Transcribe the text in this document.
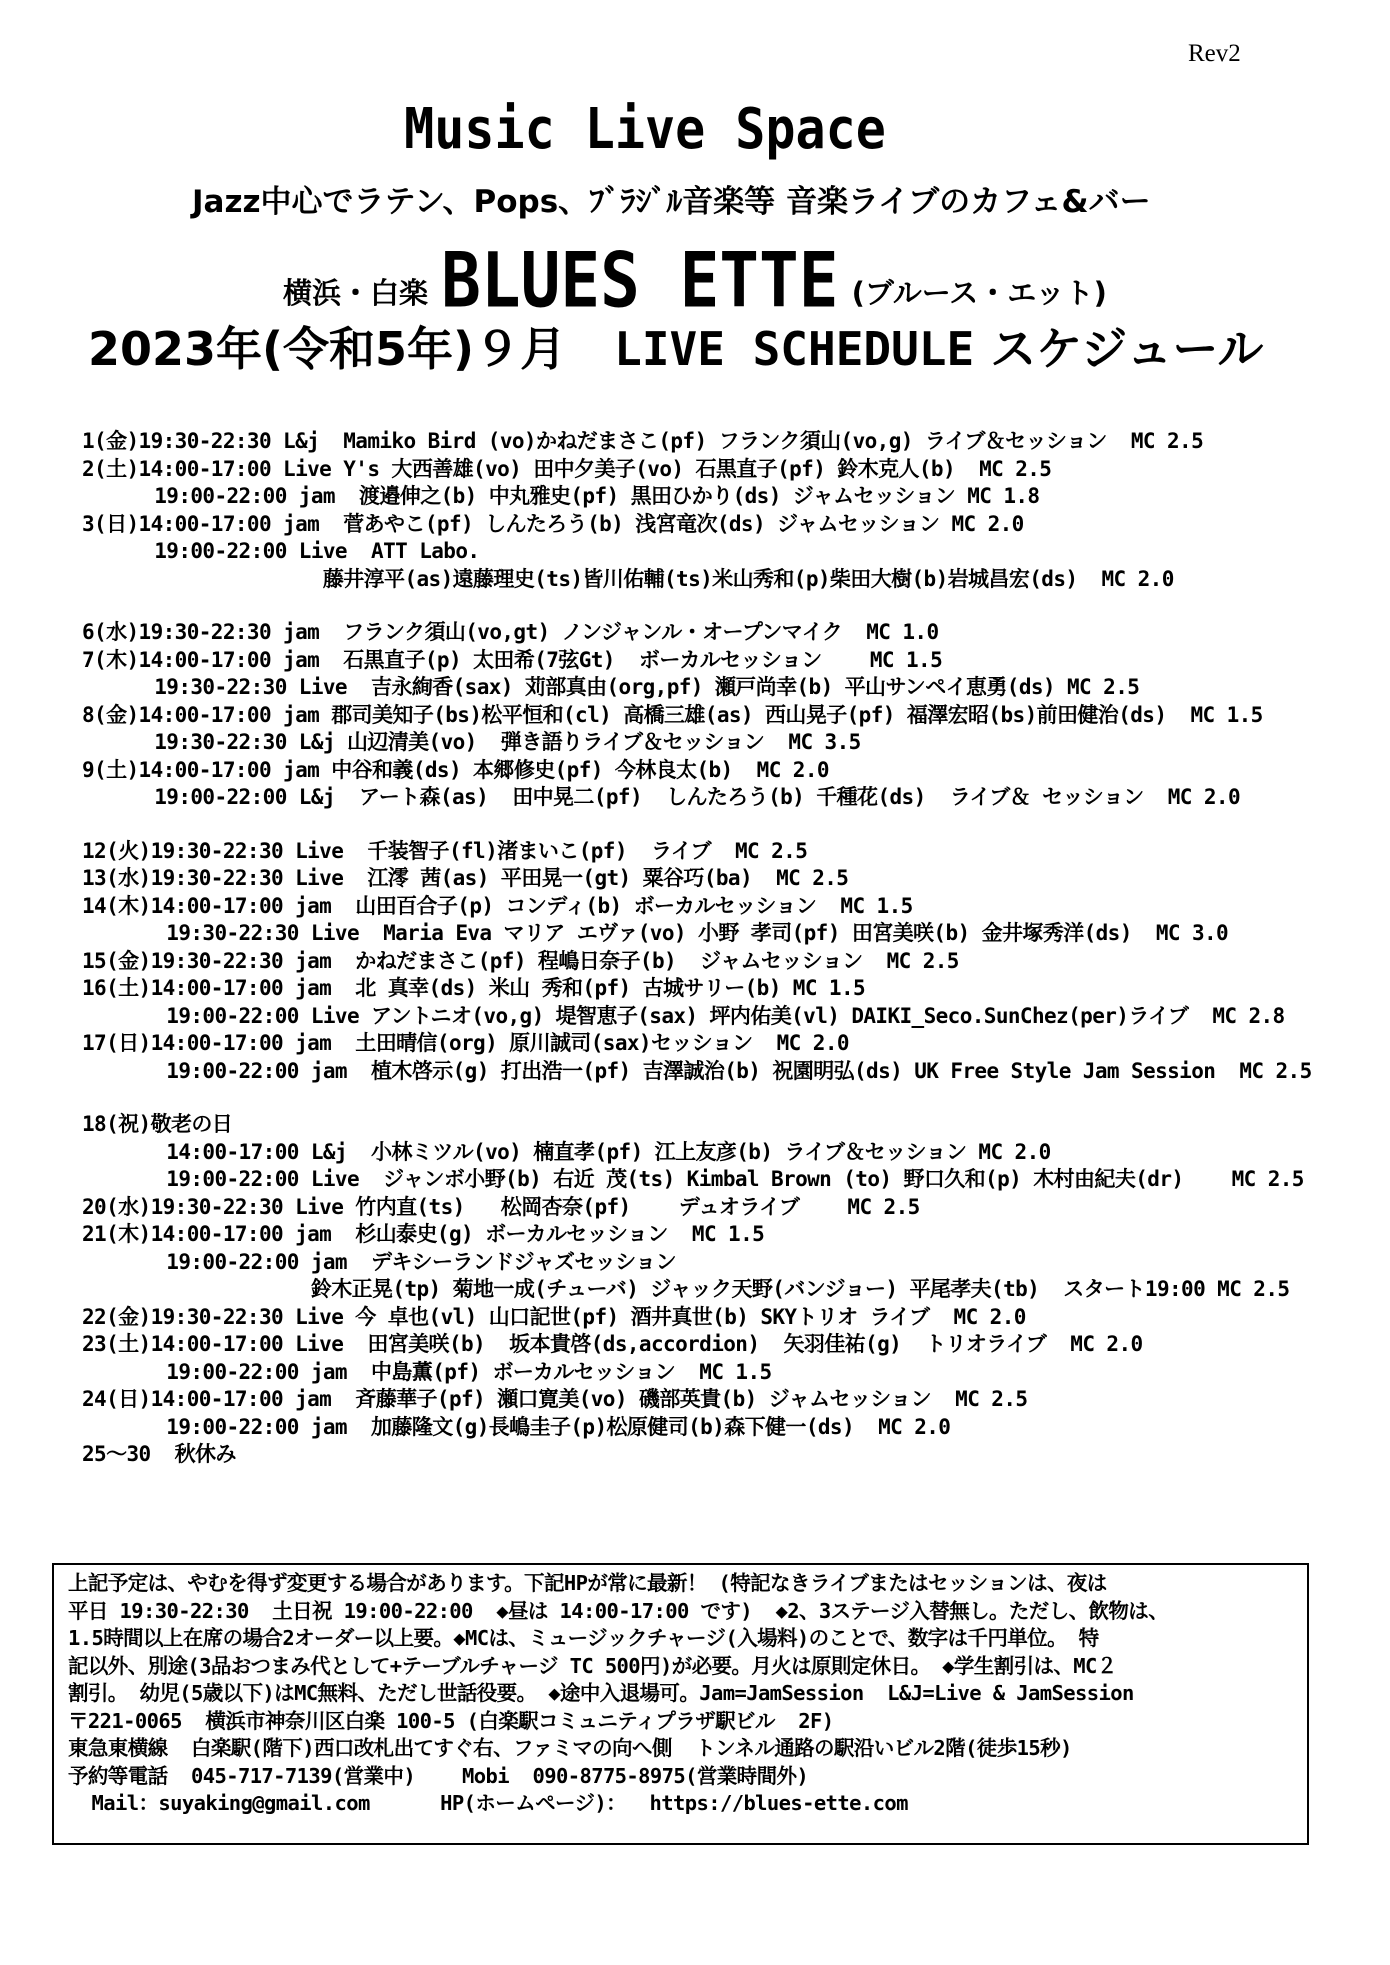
Rev2
Music Live Space
Jazz中心でラテン、Pops、ﾌﾞﾗｼﾞﾙ音楽等 音楽ライブのカフェ&バー
横浜・白楽 BLUES ETTE (ブルース・エット)
2023年(令和5年)９月 LIVE SCHEDULE スケジュール
1(金)19:30-22:30 L&j  Mamiko Bird (vo)かねだまさこ(pf) フランク須山(vo,g) ライブ＆セッション  MC 2.5
2(土)14:00-17:00 Live Y's 大西善雄(vo) 田中夕美子(vo) 石黒直子(pf) 鈴木克人(b)  MC 2.5
19:00-22:00 jam  渡邉伸之(b) 中丸雅史(pf) 黒田ひかり(ds) ジャムセッション MC 1.8
3(日)14:00-17:00 jam  菅あやこ(pf) しんたろう(b) 浅宮竜次(ds) ジャムセッション MC 2.0
19:00-22:00 Live  ATT Labo.
藤井淳平(as)遠藤理史(ts)皆川佑輔(ts)米山秀和(p)柴田大樹(b)岩城昌宏(ds)  MC 2.0
6(水)19:30-22:30 jam  フランク須山(vo,gt) ノンジャンル・オープンマイク  MC 1.0
7(木)14:00-17:00 jam  石黒直子(p) 太田希(7弦Gt)  ボーカルセッション    MC 1.5
19:30-22:30 Live  吉永絢香(sax) 苅部真由(org,pf) 瀬戸尚幸(b) 平山サンペイ恵勇(ds) MC 2.5
8(金)14:00-17:00 jam 郡司美知子(bs)松平恒和(cl) 高橋三雄(as) 西山晃子(pf) 福澤宏昭(bs)前田健治(ds)  MC 1.5
19:30-22:30 L&j 山辺清美(vo)  弾き語りライブ＆セッション  MC 3.5
9(土)14:00-17:00 jam 中谷和義(ds) 本郷修史(pf) 今林良太(b)  MC 2.0
19:00-22:00 L&j  アート森(as)  田中晃二(pf)  しんたろう(b) 千種花(ds)  ライブ＆ セッション  MC 2.0
12(火)19:30-22:30 Live  千装智子(fl)渚まいこ(pf)  ライブ  MC 2.5
13(水)19:30-22:30 Live  江澪 茜(as) 平田晃一(gt) 粟谷巧(ba)  MC 2.5
14(木)14:00-17:00 jam  山田百合子(p) コンディ(b) ボーカルセッション  MC 1.5
19:30-22:30 Live  Maria Eva マリア エヴァ(vo) 小野 孝司(pf) 田宮美咲(b) 金井塚秀洋(ds)  MC 3.0
15(金)19:30-22:30 jam  かねだまさこ(pf) 程嶋日奈子(b)  ジャムセッション  MC 2.5
16(土)14:00-17:00 jam  北 真幸(ds) 米山 秀和(pf) 古城サリー(b) MC 1.5
19:00-22:00 Live アントニオ(vo,g) 堤智恵子(sax) 坪内佑美(vl) DAIKI_Seco.SunChez(per)ライブ  MC 2.8
17(日)14:00-17:00 jam  土田晴信(org) 原川誠司(sax)セッション  MC 2.0
19:00-22:00 jam  植木啓示(g) 打出浩一(pf) 吉澤誠治(b) 祝園明弘(ds) UK Free Style Jam Session  MC 2.5
18(祝)敬老の日
14:00-17:00 L&j  小林ミツル(vo) 楠直孝(pf) 江上友彦(b) ライブ＆セッション MC 2.0
19:00-22:00 Live  ジャンボ小野(b) 右近 茂(ts) Kimbal Brown (to) 野口久和(p) 木村由紀夫(dr)    MC 2.5
20(水)19:30-22:30 Live 竹内直(ts)   松岡杏奈(pf)    デュオライブ    MC 2.5
21(木)14:00-17:00 jam  杉山泰史(g) ボーカルセッション  MC 1.5
19:00-22:00 jam  デキシーランドジャズセッション
鈴木正晃(tp) 菊地一成(チューバ) ジャック天野(バンジョー) 平尾孝夫(tb)  スタート19:00 MC 2.5
22(金)19:30-22:30 Live 今 卓也(vl) 山口記世(pf) 酒井真世(b) SKYトリオ ライブ  MC 2.0
23(土)14:00-17:00 Live  田宮美咲(b)  坂本貴啓(ds,accordion)  矢羽佳祐(g)  トリオライブ  MC 2.0
19:00-22:00 jam  中島薫(pf) ボーカルセッション  MC 1.5
24(日)14:00-17:00 jam  斉藤華子(pf) 瀬口寛美(vo) 磯部英貴(b) ジャムセッション  MC 2.5
19:00-22:00 jam  加藤隆文(g)長嶋圭子(p)松原健司(b)森下健一(ds)  MC 2.0
25～30  秋休み
上記予定は、やむを得ず変更する場合があります。下記HPが常に最新！ (特記なきライブまたはセッションは、夜は
平日 19:30-22:30  土日祝 19:00-22:00  ◆昼は 14:00-17:00 です)  ◆2、3ステージ入替無し。ただし、飲物は、
1.5時間以上在席の場合2オーダー以上要。◆MCは、ミュージックチャージ(入場料)のことで、数字は千円単位。 特
記以外、別途(3品おつまみ代として+テーブルチャージ TC 500円)が必要。月火は原則定休日。 ◆学生割引は、MC２
割引。 幼児(5歳以下)はMC無料、ただし世話役要。 ◆途中入退場可。Jam=JamSession  L&J=Live & JamSession
〒221-0065  横浜市神奈川区白楽 100-5 (白楽駅コミュニティプラザ駅ビル  2F)
東急東横線  白楽駅(階下)西口改札出てすぐ右、ファミマの向へ側  トンネル通路の駅沿いビル2階(徒歩15秒)
予約等電話  045-717-7139(営業中)    Mobi  090-8775-8975(営業時間外)
Mail：suyaking@gmail.com      HP(ホームページ)：  https://blues-ette.com
